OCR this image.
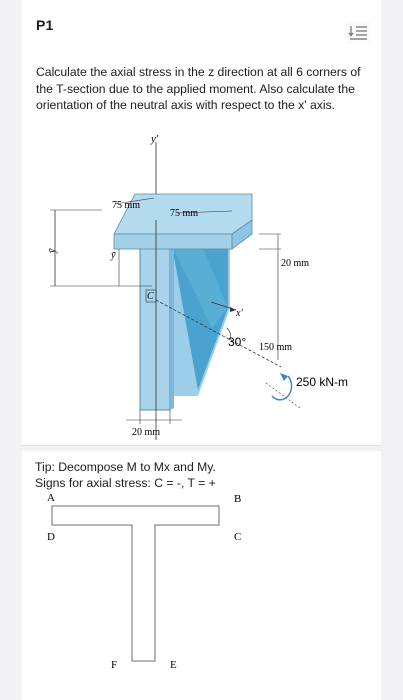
P1
Calculate the axial stress in the z direction at all 6 corners of the T-section due to the applied moment. Also calculate the orientation of the neutral axis with respect to the x' axis.
y'
x'
C
ȳ	ȳ
75 mm
75 mm
20 mm
150 mm
30°
250 kN-m
20 mm
Tip: Decompose M to Mx and My.
Signs for axial stress: C = -, T = +
A	B
C
D
E
F
